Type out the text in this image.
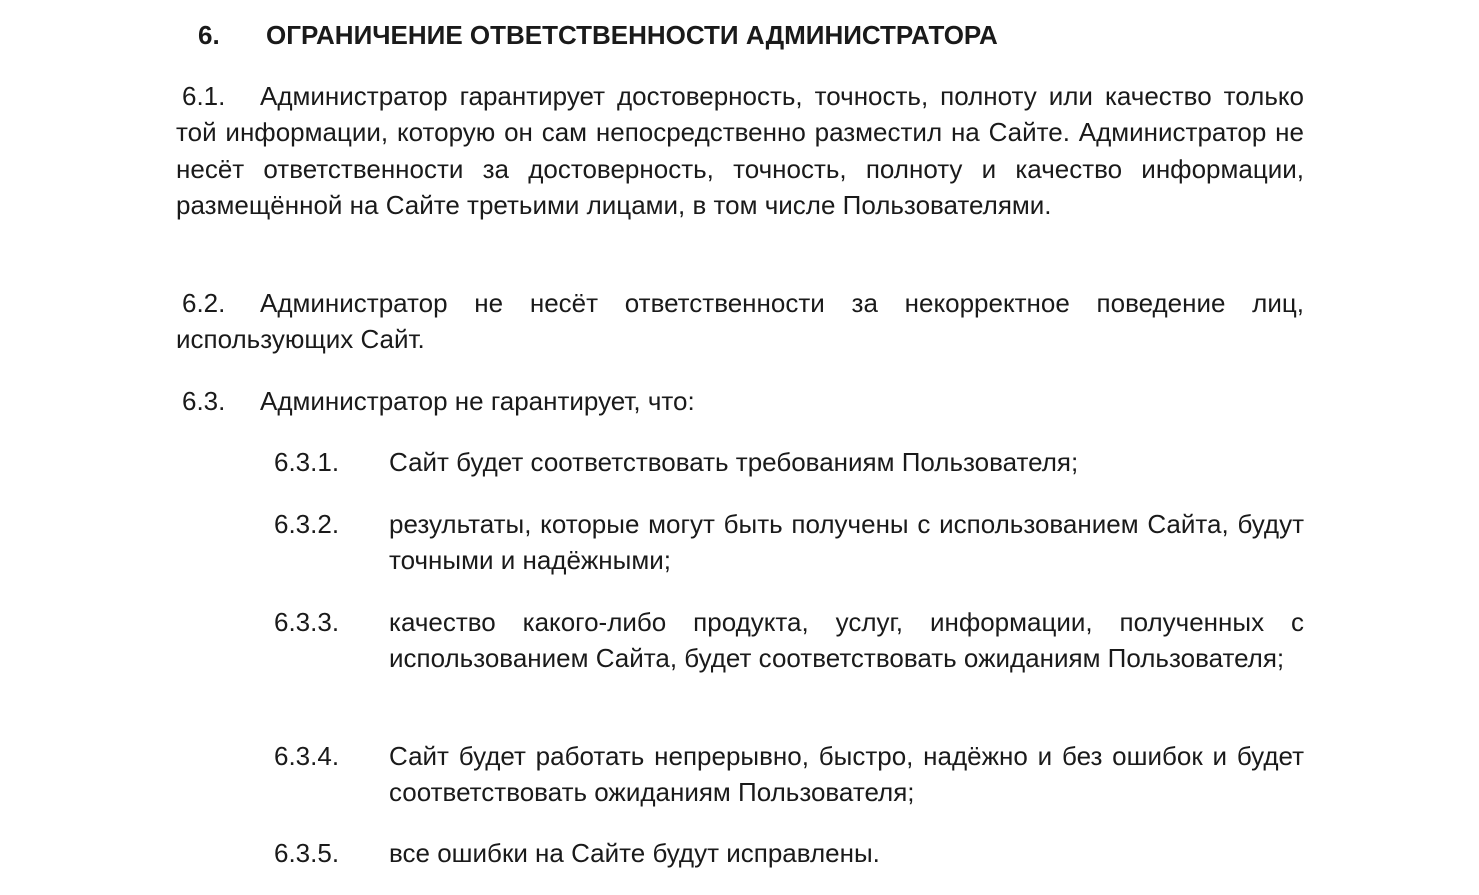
6. ОГРАНИЧЕНИЕ ОТВЕТСТВЕННОСТИ АДМИНИСТРАТОРА
6.1. Администратор гарантирует достоверность, точность, полноту или качество только той информации, которую он сам непосредственно разместил на Сайте. Администратор не несёт ответственности за достоверность, точность, полноту и качество информации, размещённой на Сайте третьими лицами, в том числе Пользователями.
6.2. Администратор не несёт ответственности за некорректное поведение лиц, использующих Сайт.
6.3. Администратор не гарантирует, что:
6.3.1. Сайт будет соответствовать требованиям Пользователя;
6.3.2. результаты, которые могут быть получены с использованием Сайта, будут точными и надёжными;
6.3.3. качество какого-либо продукта, услуг, информации, полученных с использованием Сайта, будет соответствовать ожиданиям Пользователя;
6.3.4. Сайт будет работать непрерывно, быстро, надёжно и без ошибок и будет соответствовать ожиданиям Пользователя;
6.3.5. все ошибки на Сайте будут исправлены.
